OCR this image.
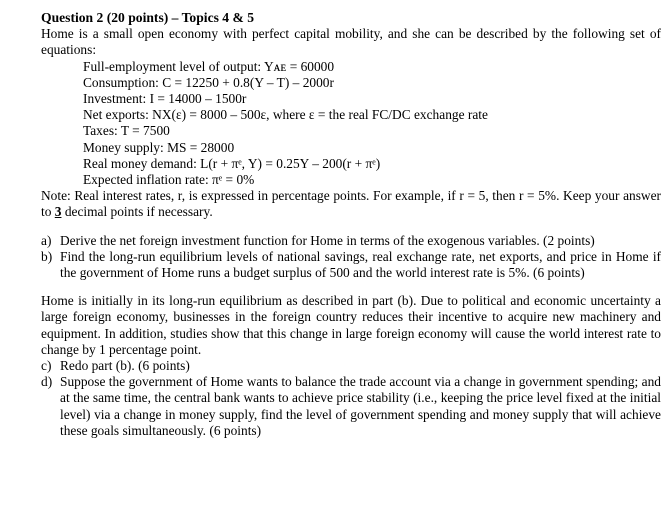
Question 2 (20 points) – Topics 4 & 5
Home is a small open economy with perfect capital mobility, and she can be described by the following set of equations:
Full-employment level of output: Yᴀᴇ = 60000
Consumption: C = 12250 + 0.8(Y – T) – 2000r
Investment: I = 14000 – 1500r
Net exports: NX(ε) = 8000 – 500ε, where ε = the real FC/DC exchange rate
Taxes: T = 7500
Money supply: MS = 28000
Real money demand: L(r + πᵉ, Y) = 0.25Y – 200(r + πᵉ)
Expected inflation rate: πᵉ = 0%
Note: Real interest rates, r, is expressed in percentage points. For example, if r = 5, then r = 5%. Keep your answer to 3 decimal points if necessary.
a) Derive the net foreign investment function for Home in terms of the exogenous variables. (2 points)
b) Find the long-run equilibrium levels of national savings, real exchange rate, net exports, and price in Home if the government of Home runs a budget surplus of 500 and the world interest rate is 5%. (6 points)
Home is initially in its long-run equilibrium as described in part (b). Due to political and economic uncertainty a large foreign economy, businesses in the foreign country reduces their incentive to acquire new machinery and equipment. In addition, studies show that this change in large foreign economy will cause the world interest rate to change by 1 percentage point.
c) Redo part (b). (6 points)
d) Suppose the government of Home wants to balance the trade account via a change in government spending; and at the same time, the central bank wants to achieve price stability (i.e., keeping the price level fixed at the initial level) via a change in money supply, find the level of government spending and money supply that will achieve these goals simultaneously. (6 points)
